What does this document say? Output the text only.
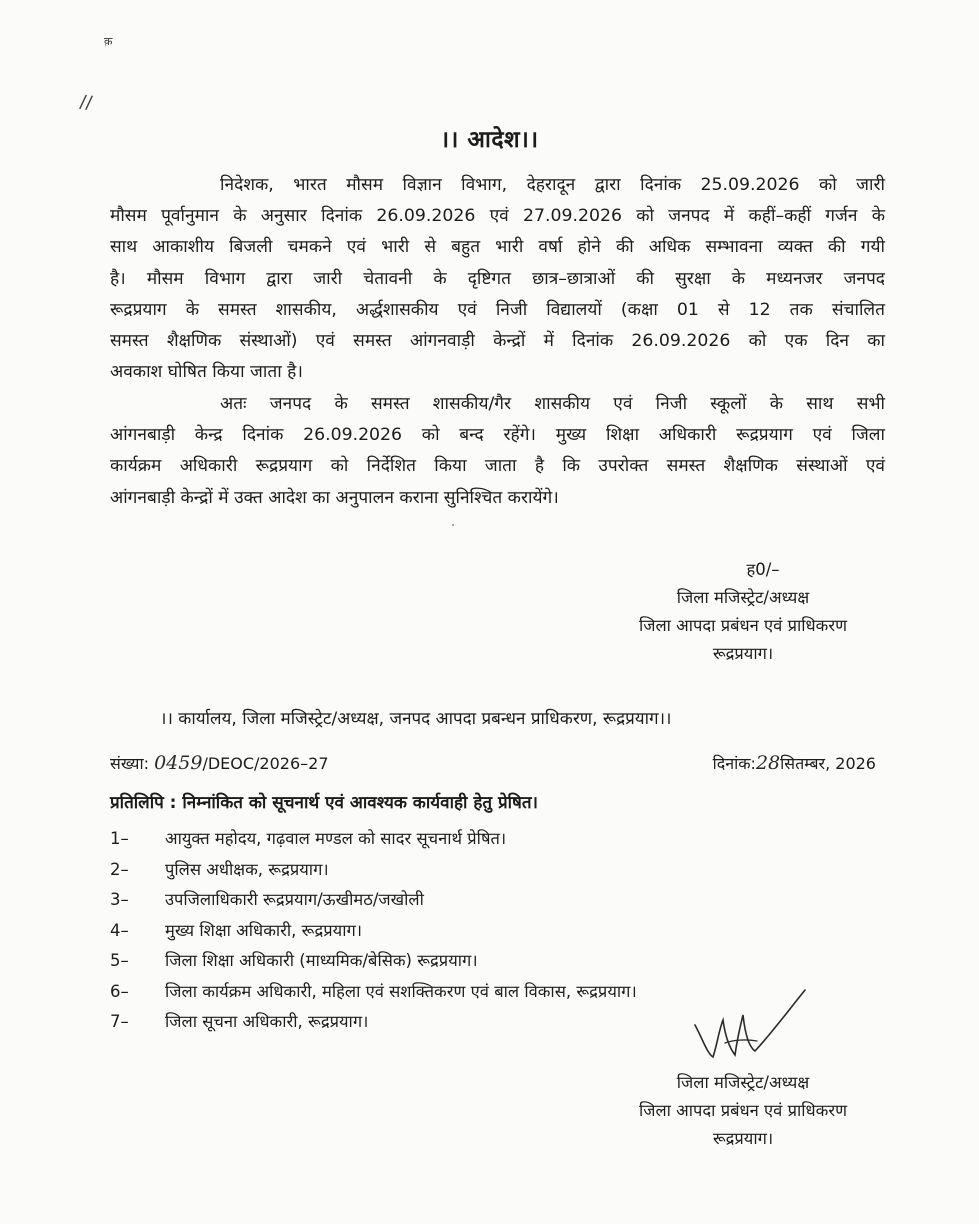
क़
//
।। आदेश।।
निदेशक, भारत मौसम विज्ञान विभाग, देहरादून द्वारा दिनांक 25.09.2026 को जारी
मौसम पूर्वानुमान के अनुसार दिनांक 26.09.2026 एवं 27.09.2026 को जनपद में कहीं–कहीं गर्जन के
साथ आकाशीय बिजली चमकने एवं भारी से बहुत भारी वर्षा होने की अधिक सम्भावना व्यक्त की गयी
है। मौसम विभाग द्वारा जारी चेतावनी के दृष्टिगत छात्र–छात्राओं की सुरक्षा के मध्यनजर जनपद
रूद्रप्रयाग के समस्त शासकीय, अर्द्धशासकीय एवं निजी विद्यालयों (कक्षा 01 से 12 तक संचालित
समस्त शैक्षणिक संस्थाओं) एवं समस्त आंगनवाड़ी केन्द्रों में दिनांक 26.09.2026 को एक दिन का
अवकाश घोषित किया जाता है।
अतः जनपद के समस्त शासकीय/गैर शासकीय एवं निजी स्कूलों के साथ सभी
आंगनबाड़ी केन्द्र दिनांक 26.09.2026 को बन्द रहेंगे। मुख्य शिक्षा अधिकारी रूद्रप्रयाग एवं जिला
कार्यक्रम अधिकारी रूद्रप्रयाग को निर्देशित किया जाता है कि उपरोक्त समस्त शैक्षणिक संस्थाओं एवं
आंगनबाड़ी केन्द्रों में उक्त आदेश का अनुपालन कराना सुनिश्चित करायेंगे।
ह0/–
जिला मजिस्ट्रेट/अध्यक्ष
जिला आपदा प्रबंधन एवं प्राधिकरण
रूद्रप्रयाग।
।। कार्यालय, जिला मजिस्ट्रेट/अध्यक्ष, जनपद आपदा प्रबन्धन प्राधिकरण, रूद्रप्रयाग।।
संख्या: 0459/DEOC/2026–27	दिनांक:28सितम्बर, 2026
प्रतिलिपि : निम्नांकित को सूचनार्थ एवं आवश्यक कार्यवाही हेतु प्रेषित।
1–	आयुक्त महोदय, गढ़वाल मण्डल को सादर सूचनार्थ प्रेषित।
2–	पुलिस अधीक्षक, रूद्रप्रयाग।
3–	उपजिलाधिकारी रूद्रप्रयाग/ऊखीमठ/जखोली
4–	मुख्य शिक्षा अधिकारी, रूद्रप्रयाग।
5–	जिला शिक्षा अधिकारी (माध्यमिक/बेसिक) रूद्रप्रयाग।
6–	जिला कार्यक्रम अधिकारी, महिला एवं सशक्तिकरण एवं बाल विकास, रूद्रप्रयाग।
7–	जिला सूचना अधिकारी, रूद्रप्रयाग।
जिला मजिस्ट्रेट/अध्यक्ष
जिला आपदा प्रबंधन एवं प्राधिकरण
रूद्रप्रयाग।
